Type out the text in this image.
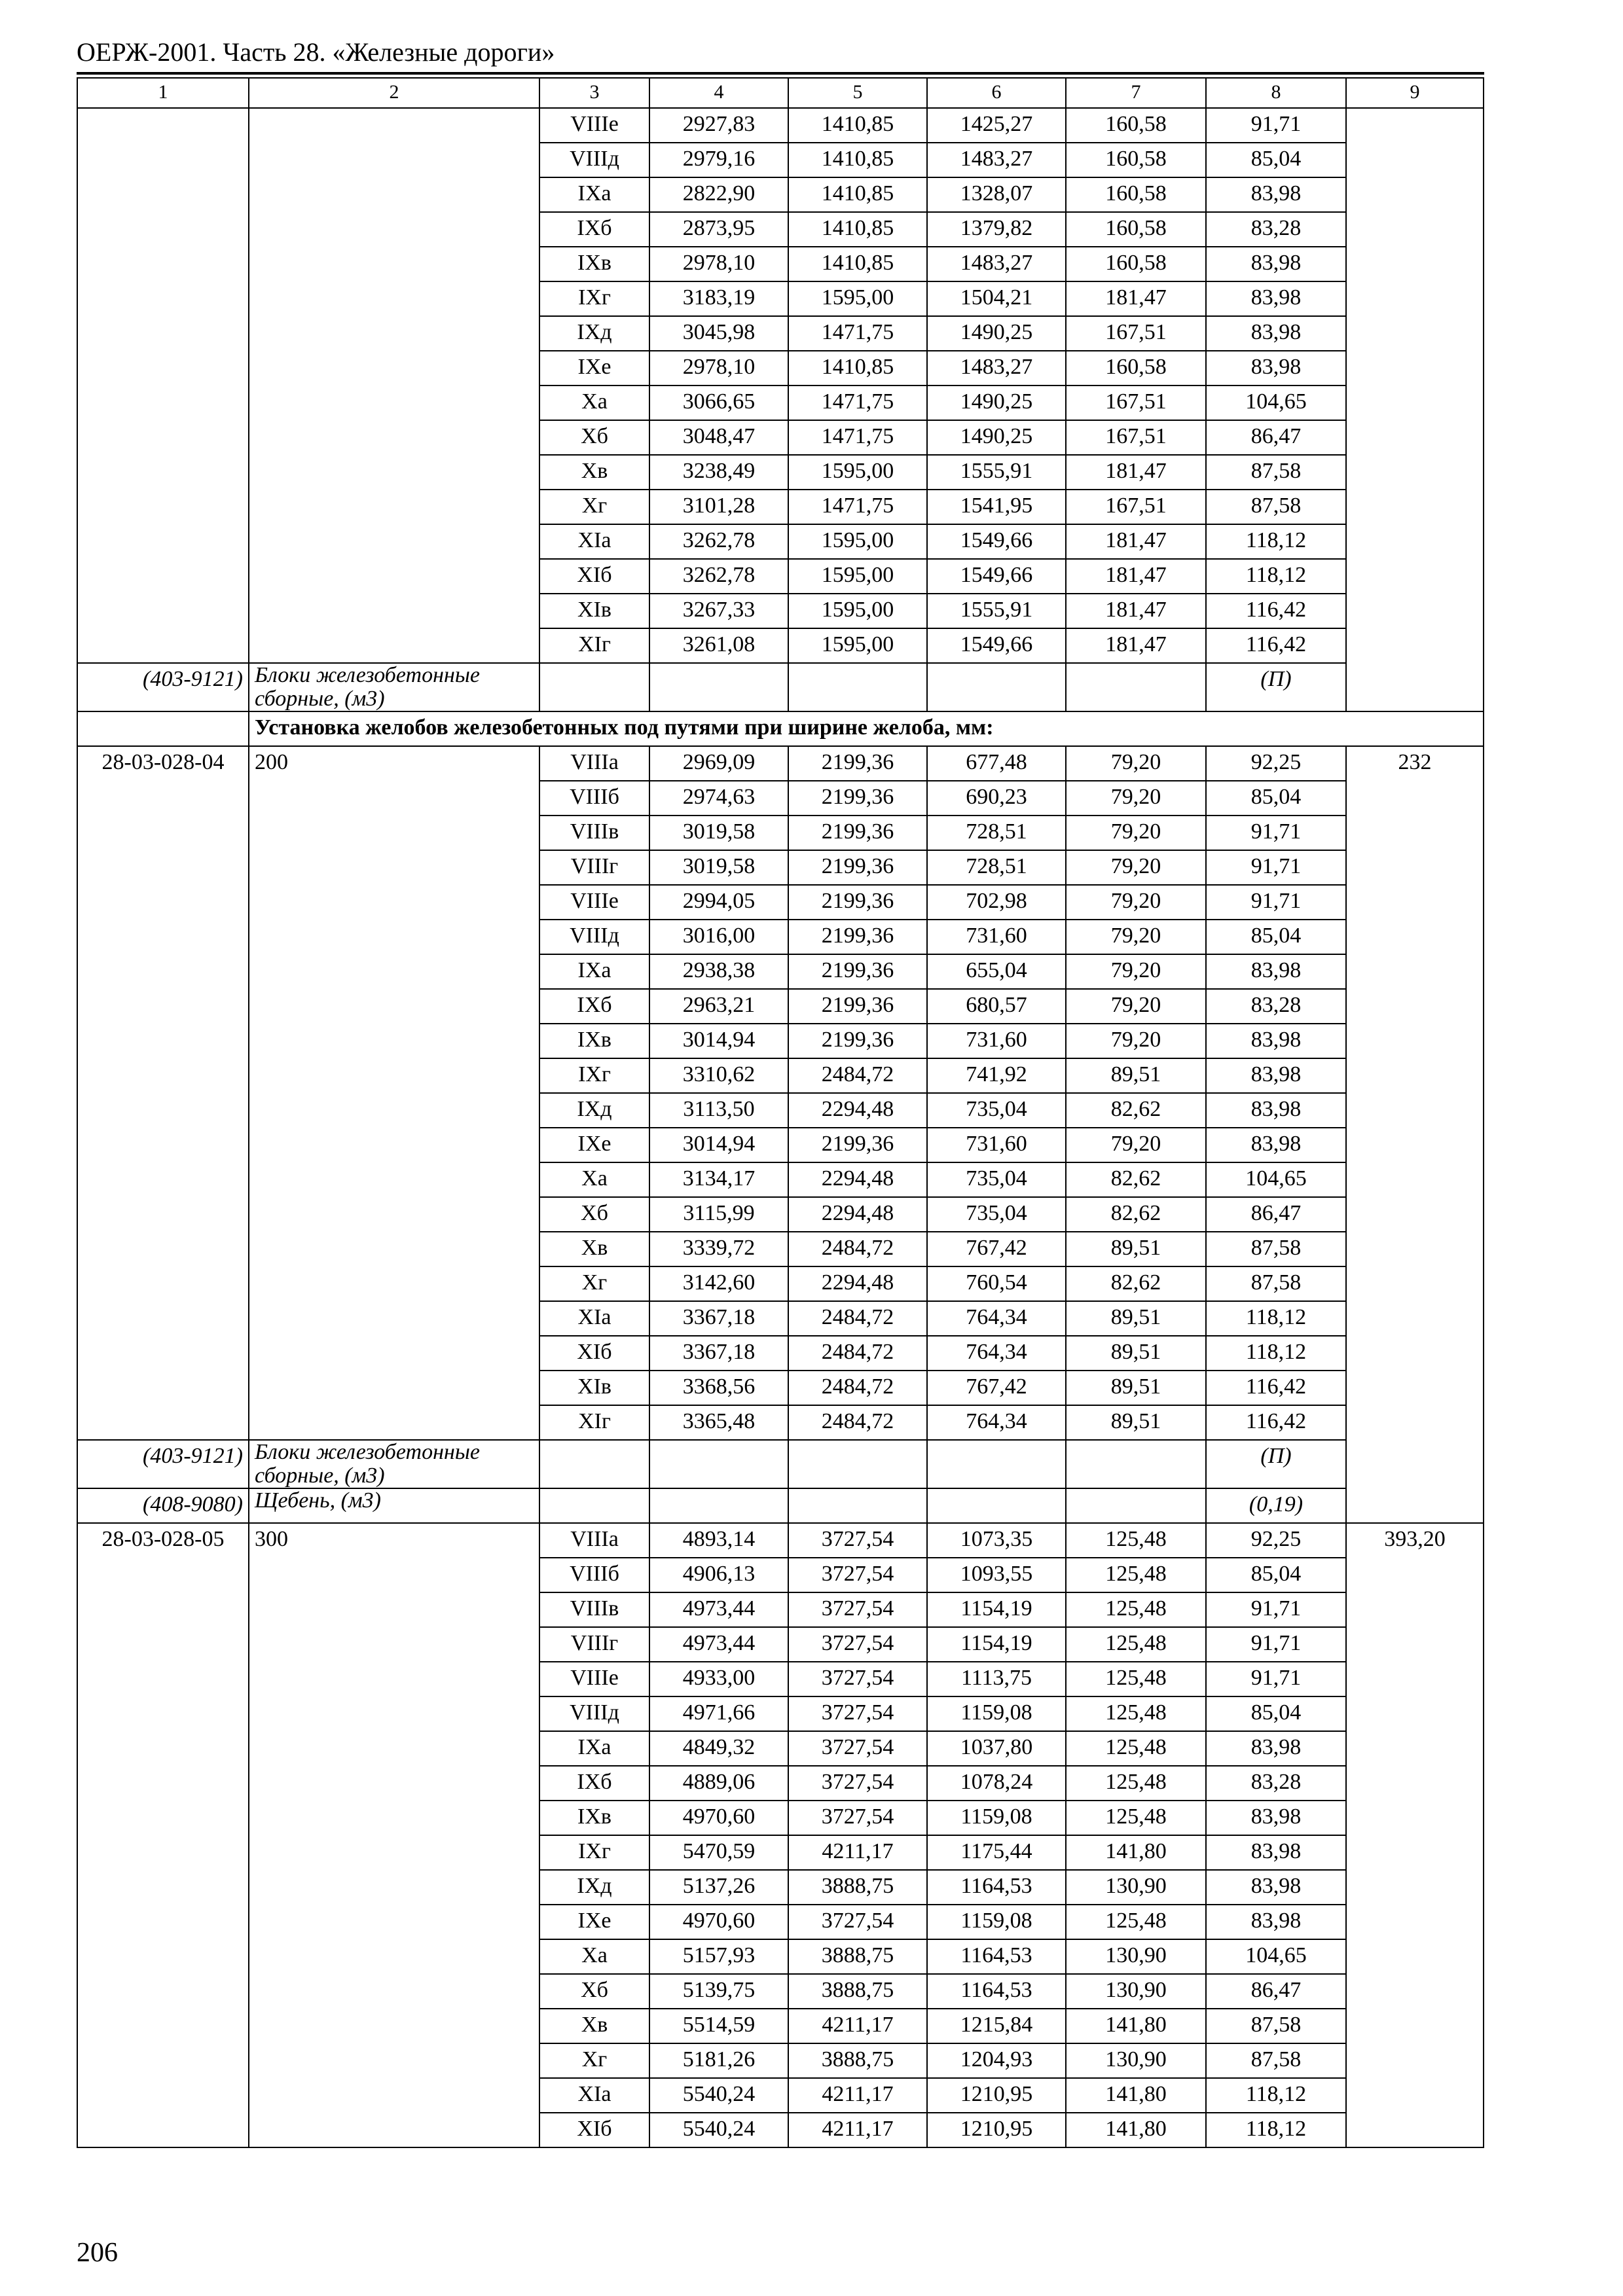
ОЕРЖ-2001. Часть 28. «Железные дороги»
1	2	3	4	5	6	7	8	9
		VIIIе	2927,83	1410,85	1425,27	160,58	91,71	
		VIIIд	2979,16	1410,85	1483,27	160,58	85,04	
		IXа	2822,90	1410,85	1328,07	160,58	83,98	
		IXб	2873,95	1410,85	1379,82	160,58	83,28	
		IXв	2978,10	1410,85	1483,27	160,58	83,98	
		IXг	3183,19	1595,00	1504,21	181,47	83,98	
		IXд	3045,98	1471,75	1490,25	167,51	83,98	
		IXе	2978,10	1410,85	1483,27	160,58	83,98	
		Xа	3066,65	1471,75	1490,25	167,51	104,65	
		Xб	3048,47	1471,75	1490,25	167,51	86,47	
		Xв	3238,49	1595,00	1555,91	181,47	87,58	
		Xг	3101,28	1471,75	1541,95	167,51	87,58	
		XIа	3262,78	1595,00	1549,66	181,47	118,12	
		XIб	3262,78	1595,00	1549,66	181,47	118,12	
		XIв	3267,33	1595,00	1555,91	181,47	116,42	
		XIг	3261,08	1595,00	1549,66	181,47	116,42	
(403-9121)	Блоки железобетонные сборные, (м3)						(П)	
	Установка желобов железобетонных под путями при ширине желоба, мм:							
28-03-028-04	200	VIIIа	2969,09	2199,36	677,48	79,20	92,25	232
		VIIIб	2974,63	2199,36	690,23	79,20	85,04	
		VIIIв	3019,58	2199,36	728,51	79,20	91,71	
		VIIIг	3019,58	2199,36	728,51	79,20	91,71	
		VIIIе	2994,05	2199,36	702,98	79,20	91,71	
		VIIIд	3016,00	2199,36	731,60	79,20	85,04	
		IXа	2938,38	2199,36	655,04	79,20	83,98	
		IXб	2963,21	2199,36	680,57	79,20	83,28	
		IXв	3014,94	2199,36	731,60	79,20	83,98	
		IXг	3310,62	2484,72	741,92	89,51	83,98	
		IXд	3113,50	2294,48	735,04	82,62	83,98	
		IXе	3014,94	2199,36	731,60	79,20	83,98	
		Xа	3134,17	2294,48	735,04	82,62	104,65	
		Xб	3115,99	2294,48	735,04	82,62	86,47	
		Xв	3339,72	2484,72	767,42	89,51	87,58	
		Xг	3142,60	2294,48	760,54	82,62	87,58	
		XIа	3367,18	2484,72	764,34	89,51	118,12	
		XIб	3367,18	2484,72	764,34	89,51	118,12	
		XIв	3368,56	2484,72	767,42	89,51	116,42	
		XIг	3365,48	2484,72	764,34	89,51	116,42	
(403-9121)	Блоки железобетонные сборные, (м3)						(П)	
(408-9080)	Щебень, (м3)						(0,19)	
28-03-028-05	300	VIIIа	4893,14	3727,54	1073,35	125,48	92,25	393,20
		VIIIб	4906,13	3727,54	1093,55	125,48	85,04	
		VIIIв	4973,44	3727,54	1154,19	125,48	91,71	
		VIIIг	4973,44	3727,54	1154,19	125,48	91,71	
		VIIIе	4933,00	3727,54	1113,75	125,48	91,71	
		VIIIд	4971,66	3727,54	1159,08	125,48	85,04	
		IXа	4849,32	3727,54	1037,80	125,48	83,98	
		IXб	4889,06	3727,54	1078,24	125,48	83,28	
		IXв	4970,60	3727,54	1159,08	125,48	83,98	
		IXг	5470,59	4211,17	1175,44	141,80	83,98	
		IXд	5137,26	3888,75	1164,53	130,90	83,98	
		IXе	4970,60	3727,54	1159,08	125,48	83,98	
		Xа	5157,93	3888,75	1164,53	130,90	104,65	
		Xб	5139,75	3888,75	1164,53	130,90	86,47	
		Xв	5514,59	4211,17	1215,84	141,80	87,58	
		Xг	5181,26	3888,75	1204,93	130,90	87,58	
		XIа	5540,24	4211,17	1210,95	141,80	118,12	
		XIб	5540,24	4211,17	1210,95	141,80	118,12	
206
